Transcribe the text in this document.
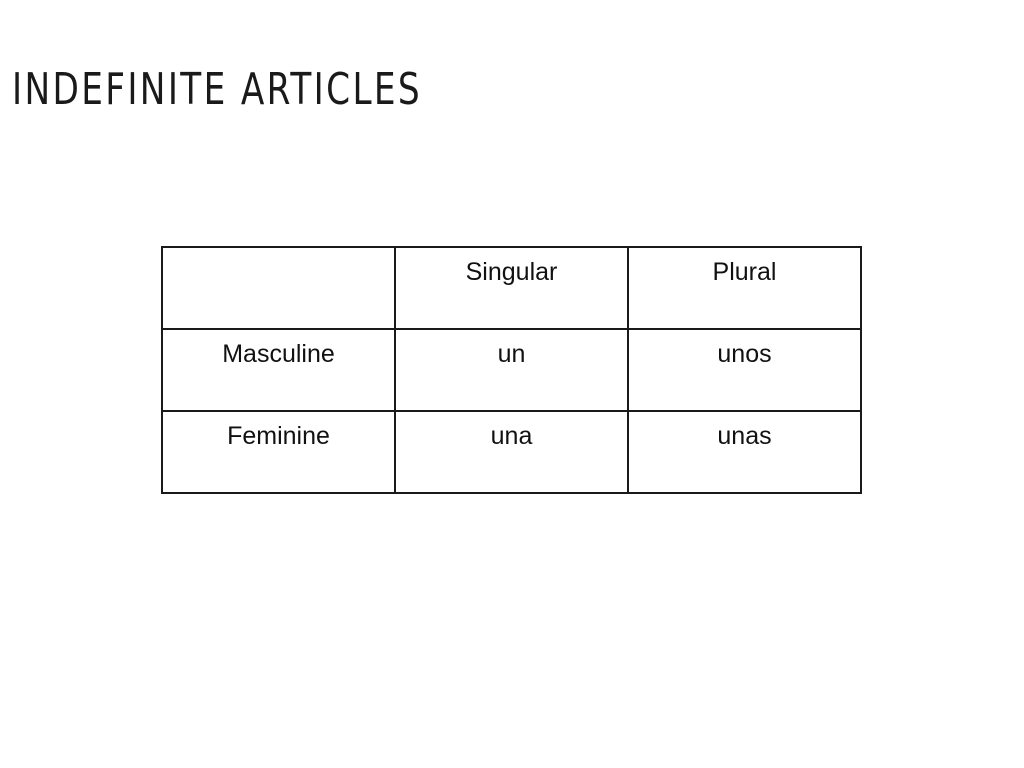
INDEFINITE ARTICLES
	Singular	Plural
Masculine	un	unos
Feminine	una	unas
